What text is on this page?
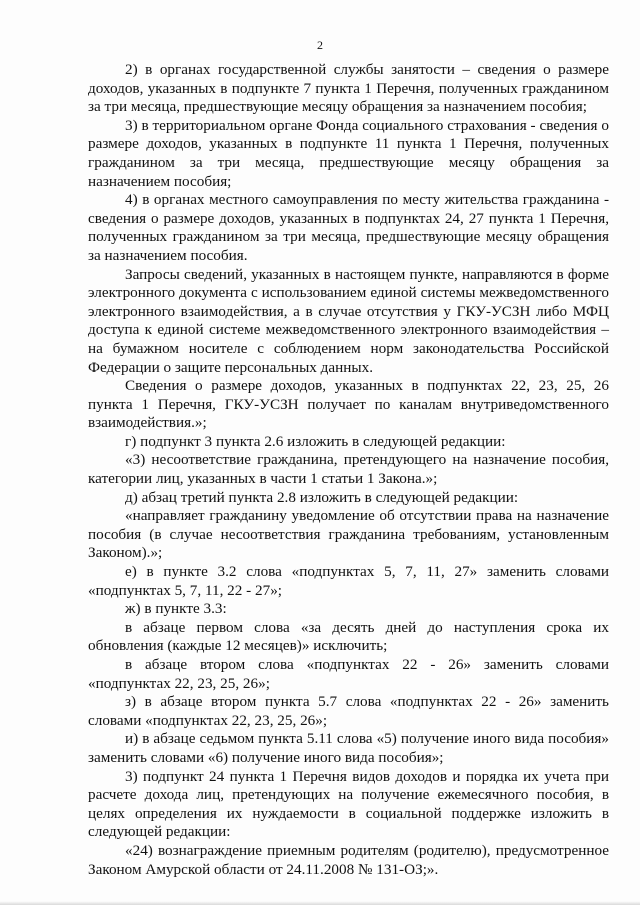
2

2) в органах государственной службы занятости – сведения о размере доходов, указанных в подпункте 7 пункта 1 Перечня, полученных гражданином за три месяца, предшествующие месяцу обращения за назначением пособия;

3) в территориальном органе Фонда социального страхования - сведения о размере доходов, указанных в подпункте 11 пункта 1 Перечня, полученных гражданином за три месяца, предшествующие месяцу обращения за назначением пособия;

4) в органах местного самоуправления по месту жительства гражданина - сведения о размере доходов, указанных в подпунктах 24, 27 пункта 1 Перечня, полученных гражданином за три месяца, предшествующие месяцу обращения за назначением пособия.

Запросы сведений, указанных в настоящем пункте, направляются в форме электронного документа с использованием единой системы межведомственного электронного взаимодействия, а в случае отсутствия у ГКУ-УСЗН либо МФЦ доступа к единой системе межведомственного электронного взаимодействия – на бумажном носителе с соблюдением норм законодательства Российской Федерации о защите персональных данных.

Сведения о размере доходов, указанных в подпунктах 22, 23, 25, 26 пункта 1 Перечня, ГКУ-УСЗН получает по каналам внутриведомственного взаимодействия.»;

г) подпункт 3 пункта 2.6 изложить в следующей редакции:

«3) несоответствие гражданина, претендующего на назначение пособия, категории лиц, указанных в части 1 статьи 1 Закона.»;

д) абзац третий пункта 2.8 изложить в следующей редакции:

«направляет гражданину уведомление об отсутствии права на назначение пособия (в случае несоответствия гражданина требованиям, установленным Законом).»;

е) в пункте 3.2 слова «подпунктах 5, 7, 11, 27» заменить словами «подпунктах 5, 7, 11, 22 - 27»;

ж) в пункте 3.3:

в абзаце первом слова «за десять дней до наступления срока их обновления (каждые 12 месяцев)» исключить;

в абзаце втором слова «подпунктах 22 - 26» заменить словами «подпунктах 22, 23, 25, 26»;

з) в абзаце втором пункта 5.7 слова «подпунктах 22 - 26» заменить словами «подпунктах 22, 23, 25, 26»;

и) в абзаце седьмом пункта 5.11 слова «5) получение иного вида пособия» заменить словами «6) получение иного вида пособия»;

3) подпункт 24 пункта 1 Перечня видов доходов и порядка их учета при расчете дохода лиц, претендующих на получение ежемесячного пособия, в целях определения их нуждаемости в социальной поддержке изложить в следующей редакции:

«24) вознаграждение приемным родителям (родителю), предусмотренное Законом Амурской области от 24.11.2008 № 131-ОЗ;».
